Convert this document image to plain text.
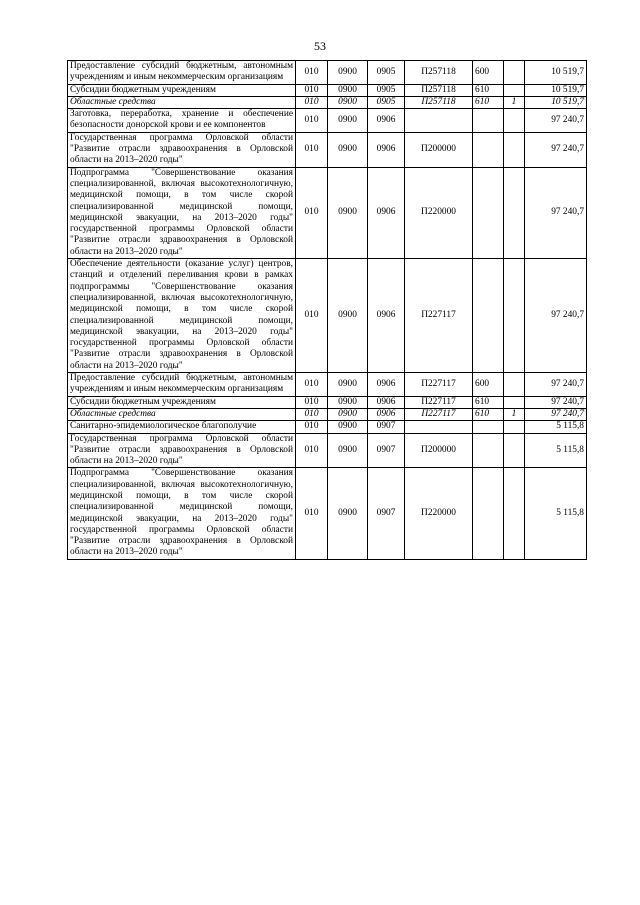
53
Предоставление субсидий бюджетным, автономным учреждениям и иным некоммерческим организациям	010	0900	0905	П257118	600		10 519,7
Субсидии бюджетным учреждениям	010	0900	0905	П257118	610		10 519,7
Областные средства	010	0900	0905	П257118	610	1	10 519,7
Заготовка, переработка, хранение и обеспечение безопасности донорской крови и ее компонентов	010	0900	0906				97 240,7
Государственная программа Орловской области "Развитие отрасли здравоохранения в Орловской области на 2013–2020 годы"	010	0900	0906	П200000			97 240,7
Подпрограмма "Совершенствование оказания специализированной, включая высокотехнологичную, медицинской помощи, в том числе скорой специализированной медицинской помощи, медицинской эвакуации, на 2013–2020 годы" государственной программы Орловской области "Развитие отрасли здравоохранения в Орловской области на 2013–2020 годы"	010	0900	0906	П220000			97 240,7
Обеспечение деятельности (оказание услуг) центров, станций и отделений переливания крови в рамках подпрограммы "Совершенствование оказания специализированной, включая высокотехнологичную, медицинской помощи, в том числе скорой специализированной медицинской помощи, медицинской эвакуации, на 2013–2020 годы" государственной программы Орловской области "Развитие отрасли здравоохранения в Орловской области на 2013–2020 годы"	010	0900	0906	П227117			97 240,7
Предоставление субсидий бюджетным, автономным учреждениям и иным некоммерческим организациям	010	0900	0906	П227117	600		97 240,7
Субсидии бюджетным учреждениям	010	0900	0906	П227117	610		97 240,7
Областные средства	010	0900	0906	П227117	610	1	97 240,7
Санитарно-эпидемиологическое благополучие	010	0900	0907				5 115,8
Государственная программа Орловской области "Развитие отрасли здравоохранения в Орловской области на 2013–2020 годы"	010	0900	0907	П200000			5 115,8
Подпрограмма "Совершенствование оказания специализированной, включая высокотехнологичную, медицинской помощи, в том числе скорой специализированной медицинской помощи, медицинской эвакуации, на 2013–2020 годы" государственной программы Орловской области "Развитие отрасли здравоохранения в Орловской области на 2013–2020 годы"	010	0900	0907	П220000			5 115,8
